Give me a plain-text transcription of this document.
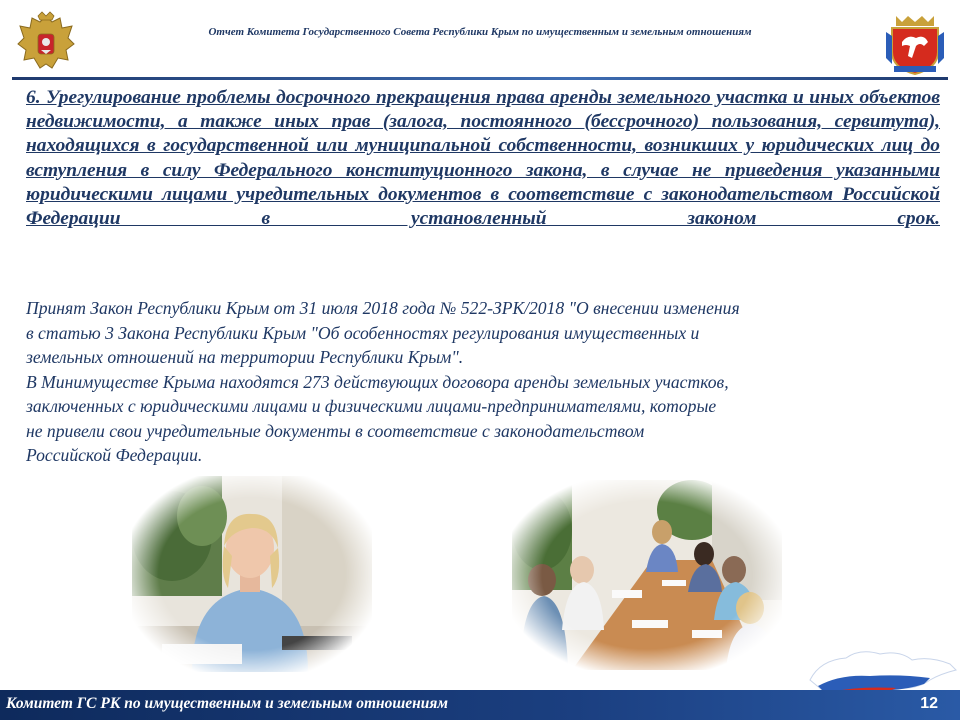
Отчет Комитета Государственного Совета Республики Крым по имущественным и земельным отношениям
6. Урегулирование проблемы досрочного прекращения права аренды земельного участка и иных объектов недвижимости, а также иных прав (залога, постоянного (бессрочного) пользования, сервитута), находящихся в государственной или муниципальной собственности, возникших у юридических лиц до вступления в силу Федерального конституционного закона, в случае не приведения указанными юридическими лицами учредительных документов в соответствие с законодательством Российской Федерации в установленный законом срок.

Принят Закон Республики Крым от 31 июля 2018 года № 522-ЗРК/2018 "О внесении изменения

в статью 3 Закона Республики Крым "Об особенностях регулирования имущественных и

земельных отношений на территории Республики Крым".

В Минимуществе Крыма находятся 273 действующих договора аренды земельных участков,

заключенных с юридическими лицами и физическими лицами-предпринимателями, которые

не привели свои учредительные документы в соответствие с законодательством

Российской Федерации.

Комитет ГС РК по имущественным и земельным отношениям	12
